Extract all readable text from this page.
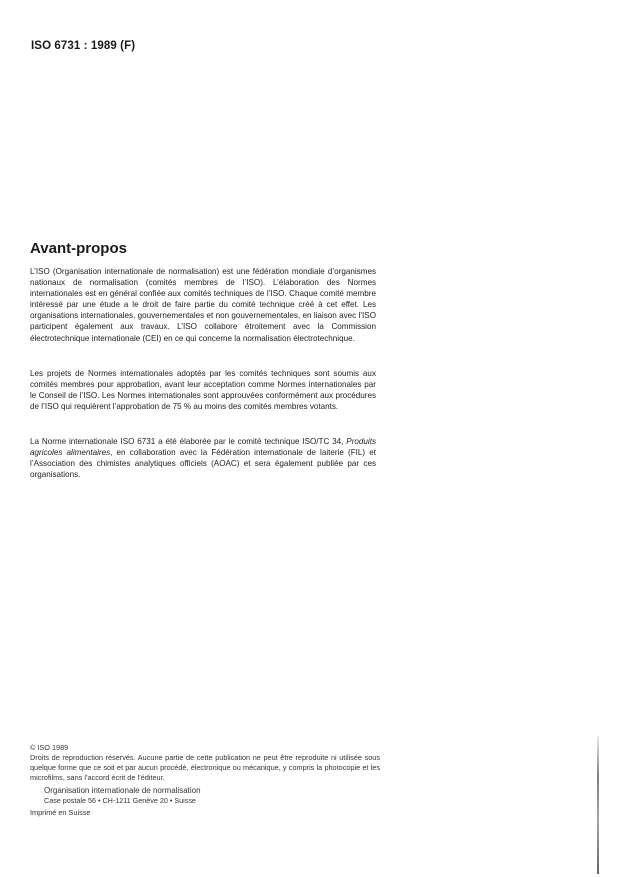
ISO 6731 : 1989 (F)
Avant-propos

L’ISO (Organisation internationale de normalisation) est une fédération mondiale d’organismes nationaux de normalisation (comités membres de l’ISO). L’élaboration des Normes internationales est en général confiée aux comités techniques de l’ISO. Chaque comité membre intéressé par une étude a le droit de faire partie du comité technique créé à cet effet. Les organisations internationales, gouvernementales et non gouvernementales, en liaison avec l’ISO participent également aux travaux. L’ISO collabore étroitement avec la Commission électrotechnique internationale (CEI) en ce qui concerne la normalisation électrotechnique.

Les projets de Normes internationales adoptés par les comités techniques sont soumis aux comités membres pour approbation, avant leur acceptation comme Normes internationales par le Conseil de l’ISO. Les Normes internationales sont approuvées conformément aux procédures de l’ISO qui requièrent l’approbation de 75 % au moins des comités membres votants.

La Norme internationale ISO 6731 a été élaborée par le comité technique ISO/TC 34, Produits agricoles alimentaires, en collaboration avec la Fédération internationale de laiterie (FIL) et l’Association des chimistes analytiques officiels (AOAC) et sera également publiée par ces organisations.

© ISO 1989

Droits de reproduction réservés. Aucune partie de cette publication ne peut être reproduite ni utilisée sous quelque forme que ce soit et par aucun procédé, électronique ou mécanique, y compris la photocopie et les microfilms, sans l’accord écrit de l’éditeur.

Organisation internationale de normalisation
Case postale 56 • CH-1211 Genève 20 • Suisse
Imprimé en Suisse
